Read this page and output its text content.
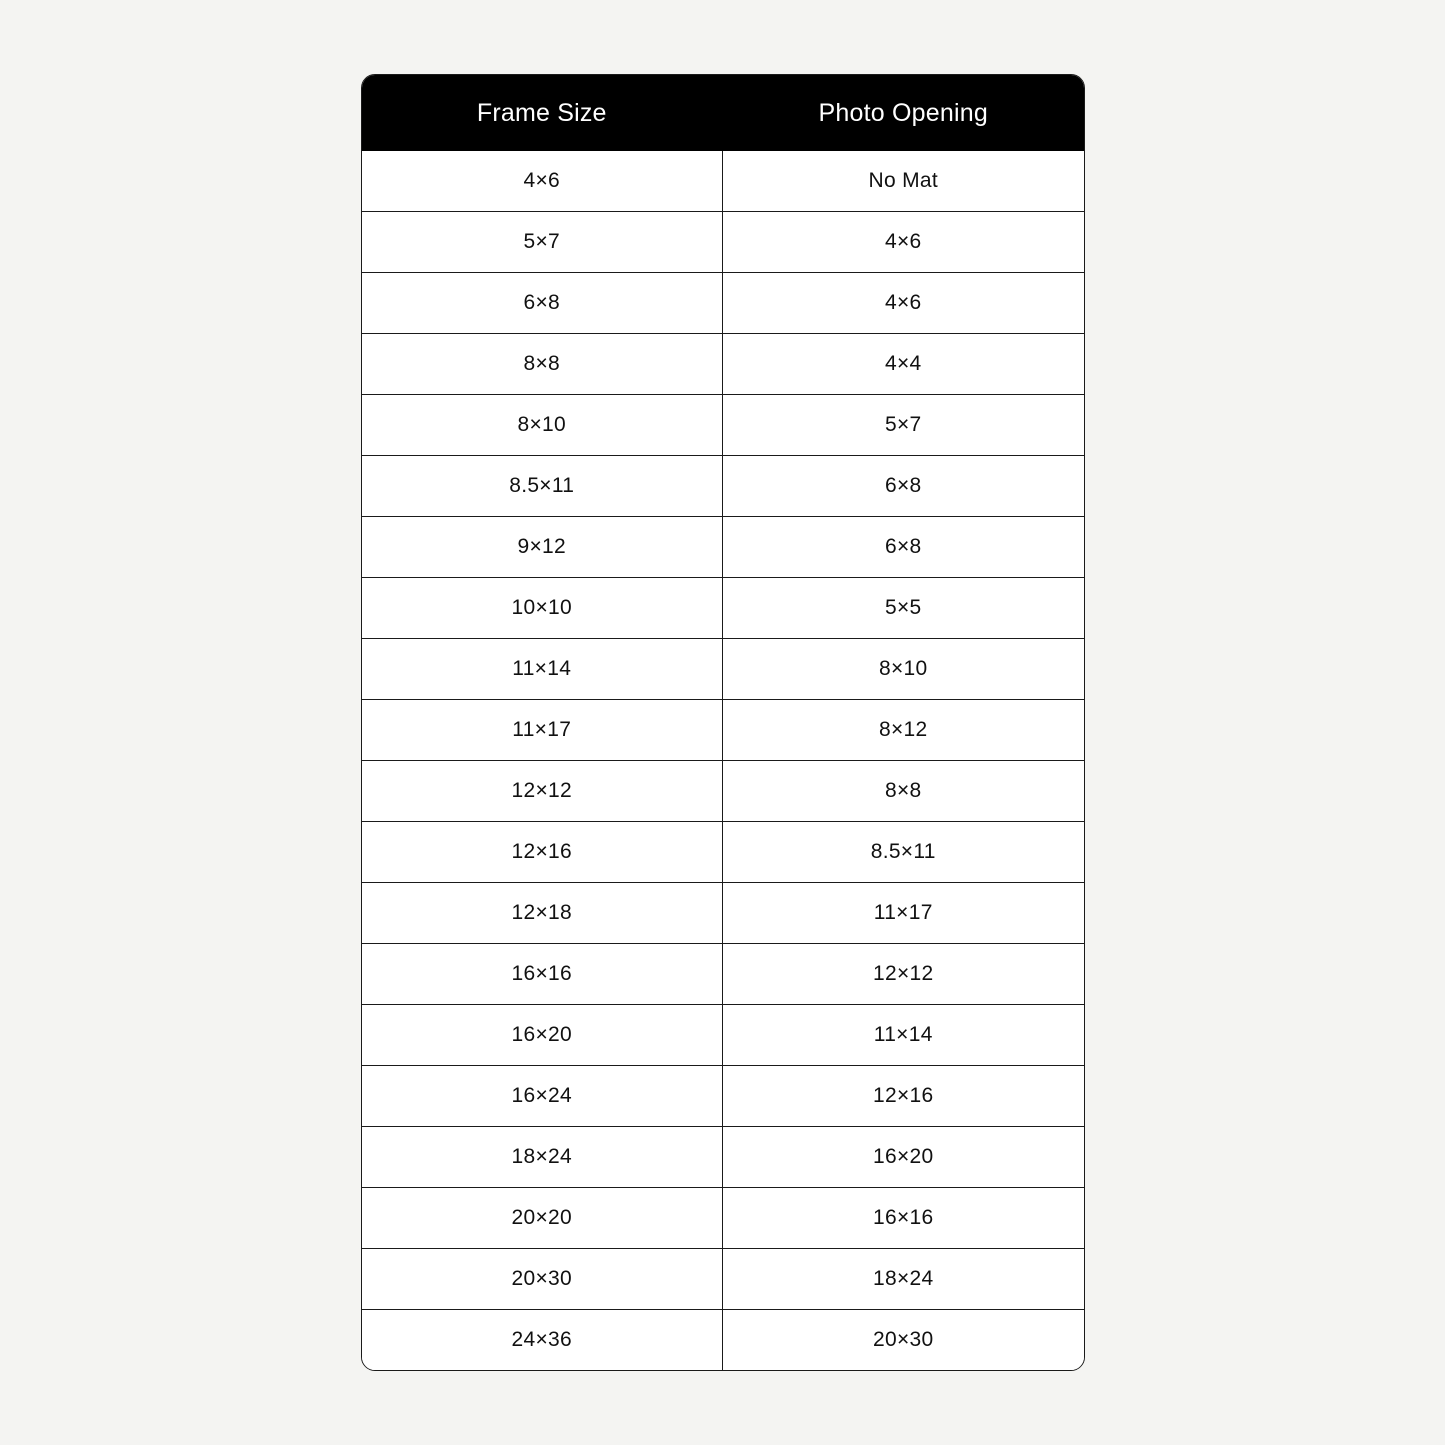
Frame Size	Photo Opening
4×6	No Mat
5×7	4×6
6×8	4×6
8×8	4×4
8×10	5×7
8.5×11	6×8
9×12	6×8
10×10	5×5
11×14	8×10
11×17	8×12
12×12	8×8
12×16	8.5×11
12×18	11×17
16×16	12×12
16×20	11×14
16×24	12×16
18×24	16×20
20×20	16×16
20×30	18×24
24×36	20×30
